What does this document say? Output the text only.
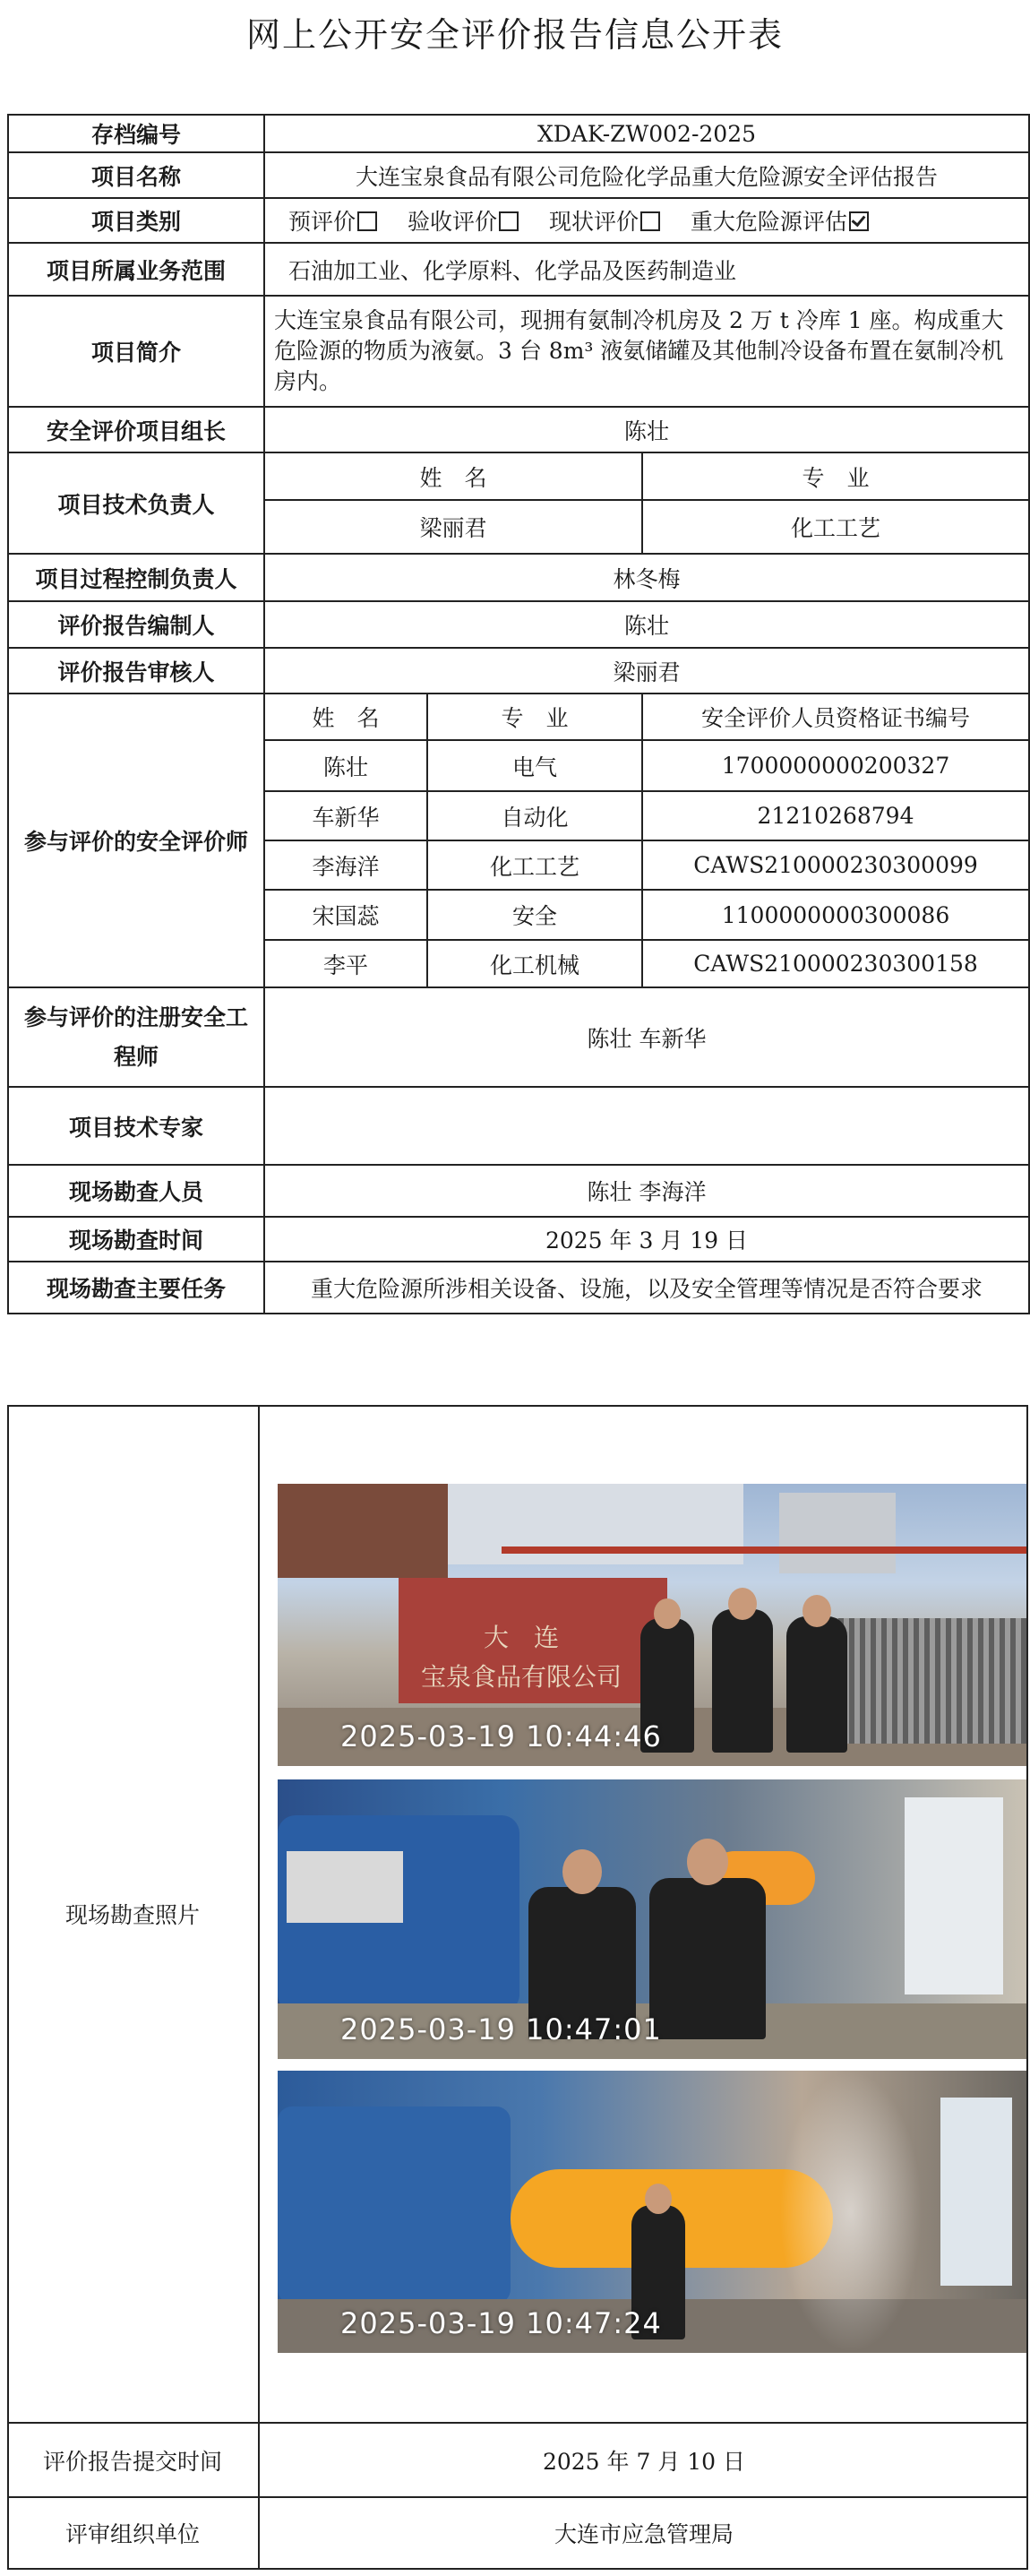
网上公开安全评价报告信息公开表
存档编号	XDAK-ZW002-2025		
项目名称	大连宝泉食品有限公司危险化学品重大危险源安全评估报告		
项目类别	预评价 验收评价 现状评价 重大危险源评估		
项目所属业务范围	石油加工业、化学原料、化学品及医药制造业		
项目简介	大连宝泉食品有限公司，现拥有氨制冷机房及 2 万 t 冷库 1 座。构成重大危险源的物质为液氨。3 台 8m³ 液氨储罐及其他制冷设备布置在氨制冷机房内。		
安全评价项目组长	陈壮		
项目技术负责人	姓　名		专　业
	梁丽君		化工工艺
项目过程控制负责人	林冬梅		
评价报告编制人	陈壮		
评价报告审核人	梁丽君		
参与评价的安全评价师	姓　名	专　业	安全评价人员资格证书编号
	陈壮	电气	1700000000200327
	车新华	自动化	21210268794
	李海洋	化工工艺	CAWS210000230300099
	宋国蕊	安全	1100000000300086
	李平	化工机械	CAWS210000230300158
参与评价的注册安全工程师	陈壮 车新华		
项目技术专家			
现场勘查人员	陈壮 李海洋		
现场勘查时间	2025 年 3 月 19 日		
现场勘查主要任务	重大危险源所涉相关设备、设施，以及安全管理等情况是否符合要求		
现场勘查照片
大　连
宝泉食品有限公司
2025-03-19 10:44:46
2025-03-19 10:47:01
2025-03-19 10:47:24
评价报告提交时间	2025 年 7 月 10 日
评审组织单位	大连市应急管理局
